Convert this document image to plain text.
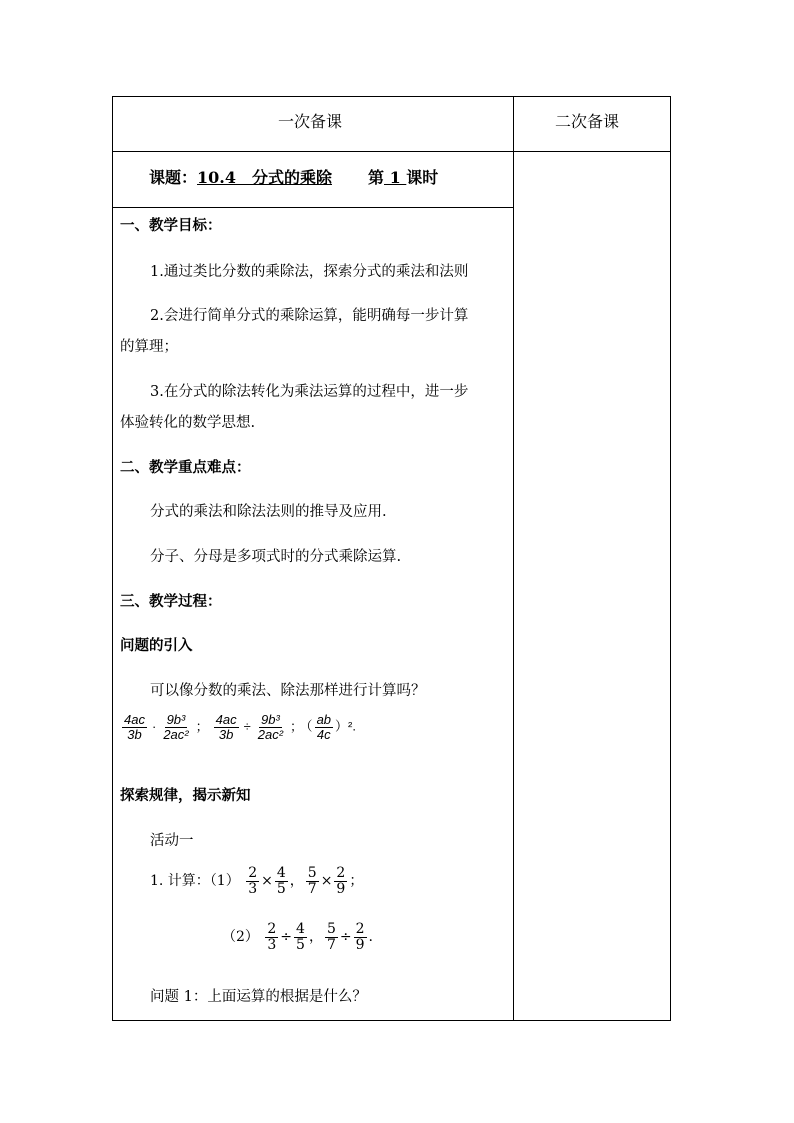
一次备课	二次备课
课题：10.4　分式的乘除 第 1 课时
一、教学目标：
1.通过类比分数的乘除法，探索分式的乘法和法则
2.会进行简单分式的乘除运算，能明确每一步计算
的算理；
3.在分式的除法转化为乘法运算的过程中，进一步
体验转化的数学思想.
二、教学重点难点：
分式的乘法和除法法则的推导及应用.
分子、分母是多项式时的分式乘除运算.
三、教学过程：
问题的引入
可以像分数的乘法、除法那样进行计算吗？
$\frac{4ac}{3b} \cdot \frac{\text{9b³}}{\text{2ac²}}$ ； $\frac{4ac}{3b} \div \frac{\text{9b³}}{\text{2ac²}}$ ； （ $\frac{ab}{4c} )^2$.
探索规律，揭示新知
活动一
1. 计算：$(1) \frac{2}{3} \times \frac{4}{5}$ ， $\frac{5}{7} \times \frac{2}{9}$ ；
$(2) \frac{2}{3} \div \frac{4}{5}$ ， $\frac{5}{7} \div \frac{2}{9}$ .
问题 1：上面运算的根据是什么？
